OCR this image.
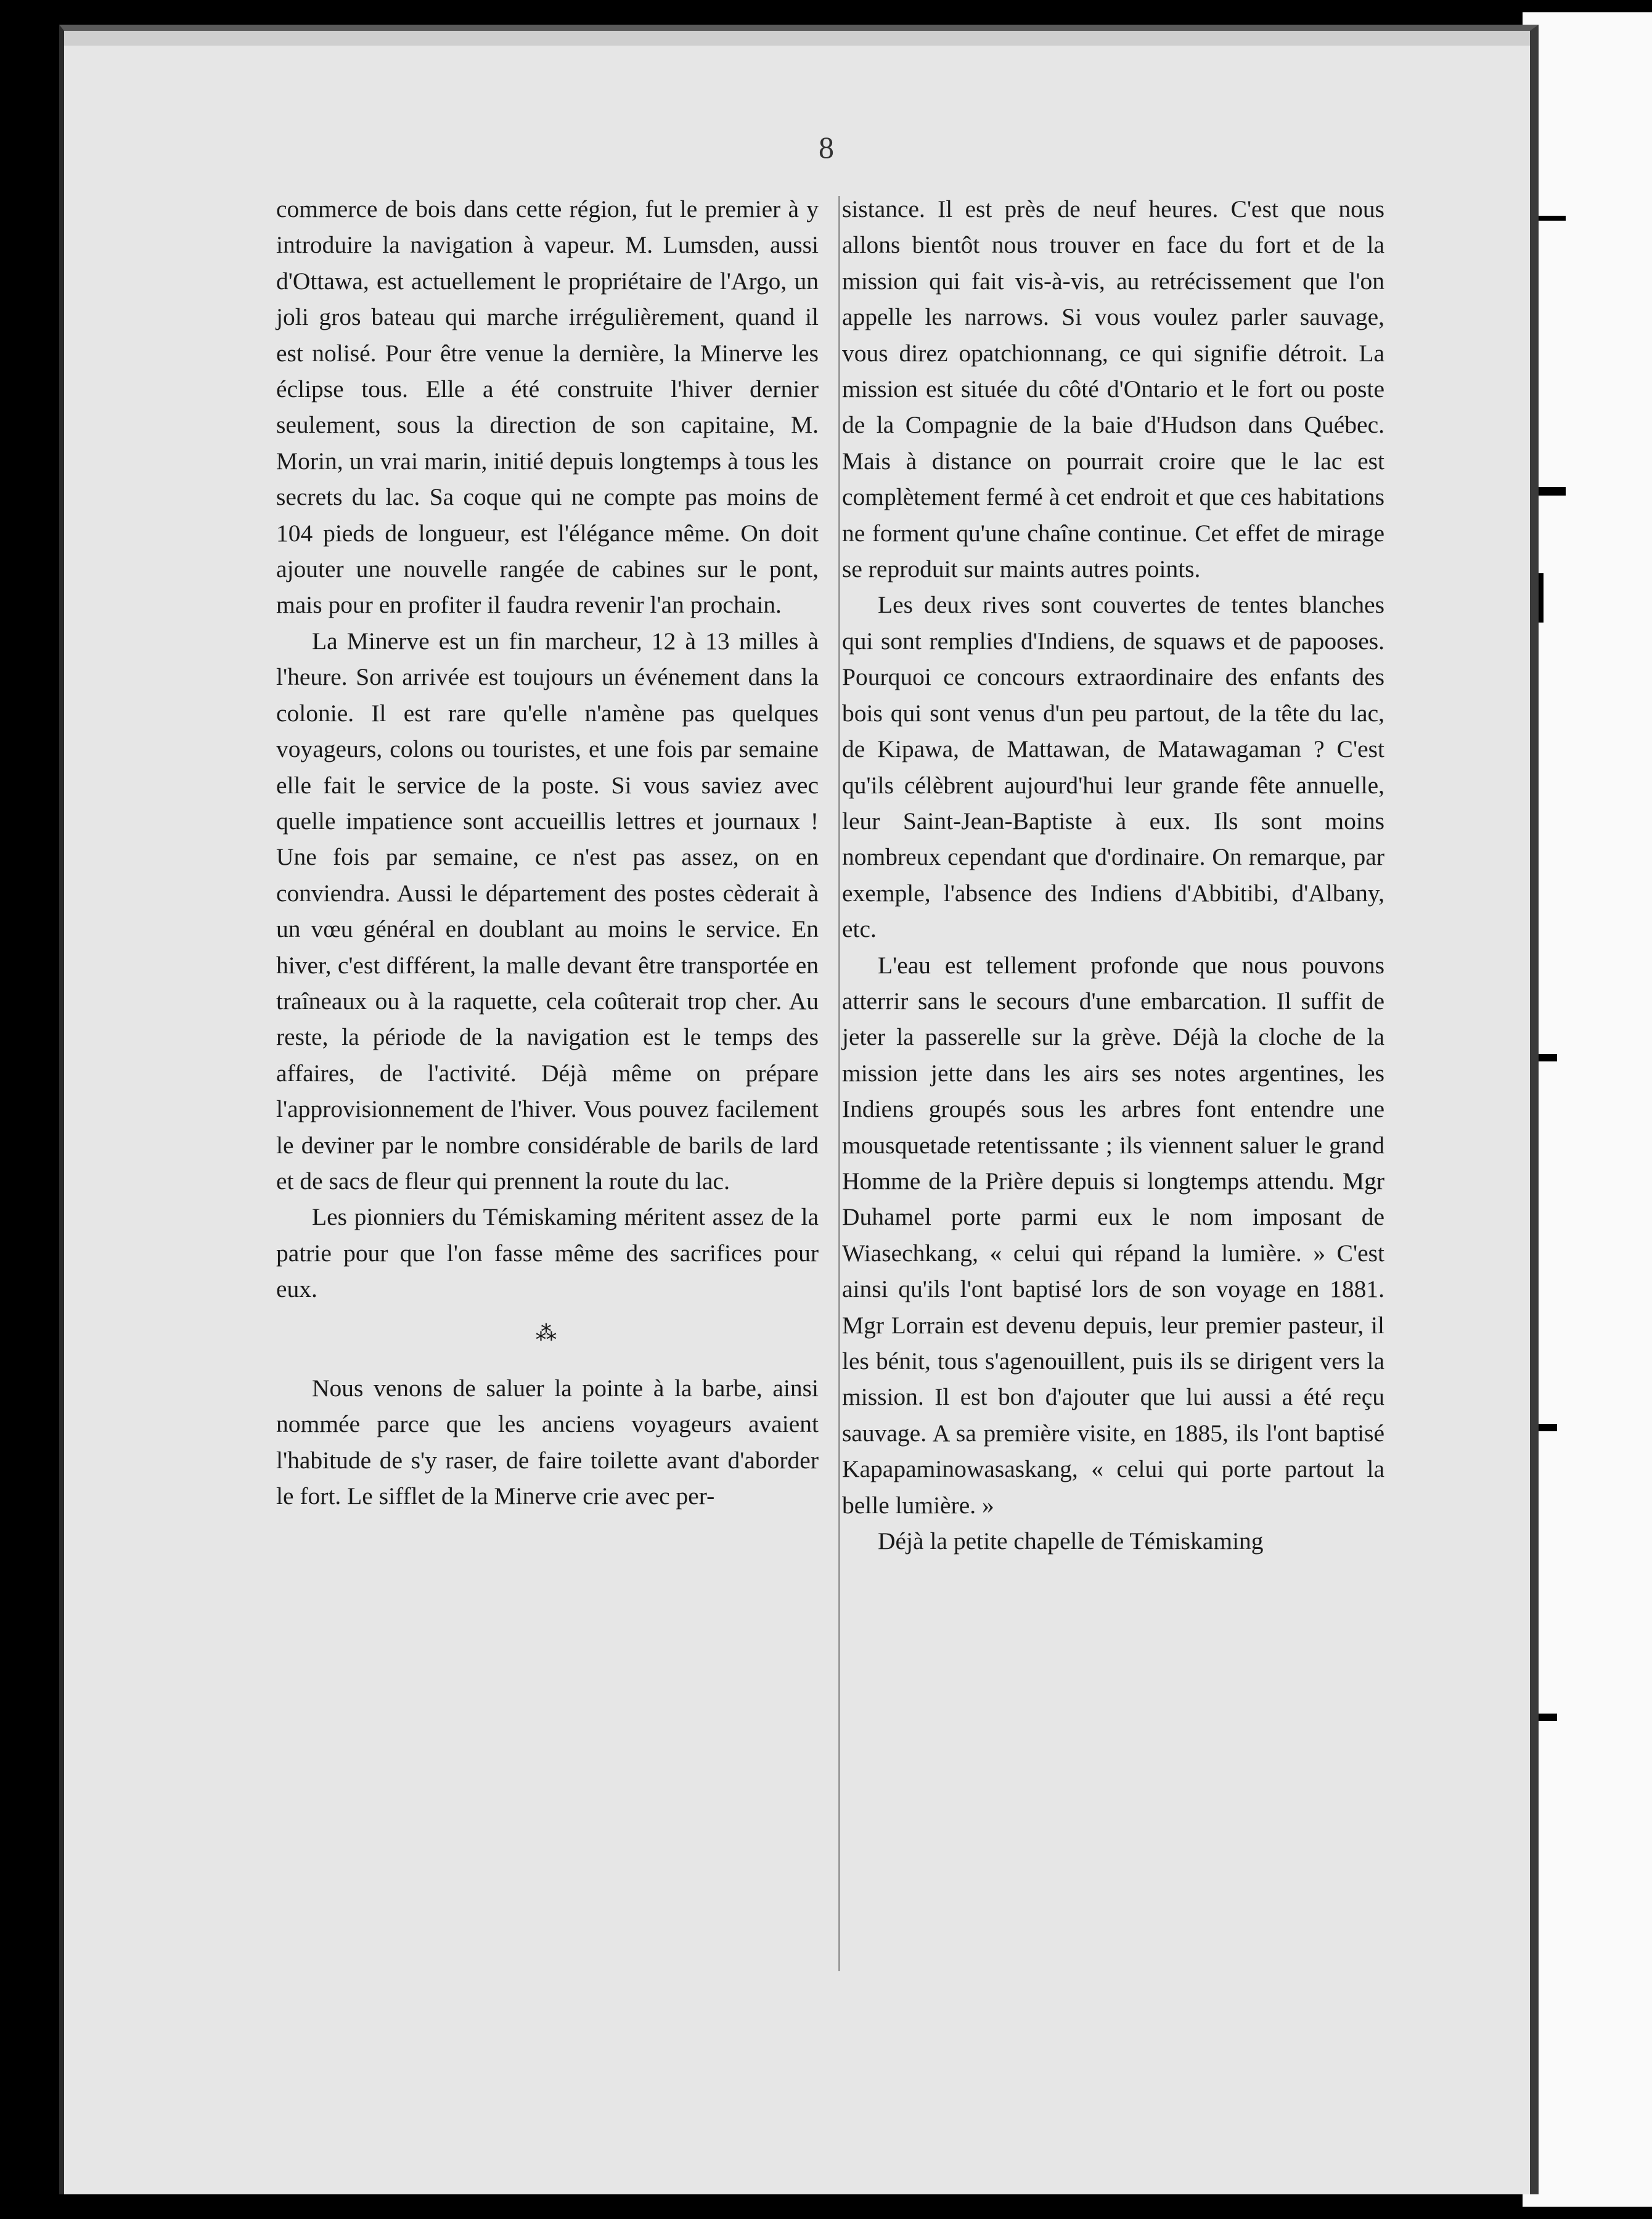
8

commerce de bois dans cette région, fut le premier à y introduire la navigation à vapeur. M. Lumsden, aussi d'Ottawa, est actuellement le propriétaire de l'Argo, un joli gros bateau qui marche irrégulièrement, quand il est nolisé. Pour être venue la dernière, la Minerve les éclipse tous. Elle a été construite l'hiver dernier seulement, sous la direction de son capitaine, M. Morin, un vrai marin, initié depuis longtemps à tous les secrets du lac. Sa coque qui ne compte pas moins de 104 pieds de longueur, est l'élégance même. On doit ajouter une nouvelle rangée de cabines sur le pont, mais pour en profiter il faudra revenir l'an prochain.

La Minerve est un fin marcheur, 12 à 13 milles à l'heure. Son arrivée est toujours un événement dans la colonie. Il est rare qu'elle n'amène pas quelques voyageurs, colons ou touristes, et une fois par semaine elle fait le service de la poste. Si vous saviez avec quelle impatience sont accueillis lettres et journaux ! Une fois par semaine, ce n'est pas assez, on en conviendra. Aussi le département des postes cèderait à un vœu général en doublant au moins le service. En hiver, c'est différent, la malle devant être transportée en traîneaux ou à la raquette, cela coûterait trop cher. Au reste, la période de la navigation est le temps des affaires, de l'activité. Déjà même on prépare l'approvisionnement de l'hiver. Vous pouvez facilement le deviner par le nombre considérable de barils de lard et de sacs de fleur qui prennent la route du lac.

Les pionniers du Témiskaming méritent assez de la patrie pour que l'on fasse même des sacrifices pour eux.

⁂

Nous venons de saluer la pointe à la barbe, ainsi nommée parce que les anciens voyageurs avaient l'habitude de s'y raser, de faire toilette avant d'aborder le fort. Le sifflet de la Minerve crie avec per-

sistance. Il est près de neuf heures. C'est que nous allons bientôt nous trouver en face du fort et de la mission qui fait vis-à-vis, au retrécissement que l'on appelle les narrows. Si vous voulez parler sauvage, vous direz opatchionnang, ce qui signifie détroit. La mission est située du côté d'Ontario et le fort ou poste de la Compagnie de la baie d'Hudson dans Québec. Mais à distance on pourrait croire que le lac est complètement fermé à cet endroit et que ces habitations ne forment qu'une chaîne continue. Cet effet de mirage se reproduit sur maints autres points.

Les deux rives sont couvertes de tentes blanches qui sont remplies d'Indiens, de squaws et de papooses. Pourquoi ce concours extraordinaire des enfants des bois qui sont venus d'un peu partout, de la tête du lac, de Kipawa, de Mattawan, de Matawagaman ? C'est qu'ils célèbrent aujourd'hui leur grande fête annuelle, leur Saint-Jean-Baptiste à eux. Ils sont moins nombreux cependant que d'ordinaire. On remarque, par exemple, l'absence des Indiens d'Abbitibi, d'Albany, etc.

L'eau est tellement profonde que nous pouvons atterrir sans le secours d'une embarcation. Il suffit de jeter la passerelle sur la grève. Déjà la cloche de la mission jette dans les airs ses notes argentines, les Indiens groupés sous les arbres font entendre une mousquetade retentissante ; ils viennent saluer le grand Homme de la Prière depuis si longtemps attendu. Mgr Duhamel porte parmi eux le nom imposant de Wiasechkang, « celui qui répand la lumière. » C'est ainsi qu'ils l'ont baptisé lors de son voyage en 1881. Mgr Lorrain est devenu depuis, leur premier pasteur, il les bénit, tous s'agenouillent, puis ils se dirigent vers la mission. Il est bon d'ajouter que lui aussi a été reçu sauvage. A sa première visite, en 1885, ils l'ont baptisé Kapapaminowasaskang, « celui qui porte partout la belle lumière. »

Déjà la petite chapelle de Témiskaming
